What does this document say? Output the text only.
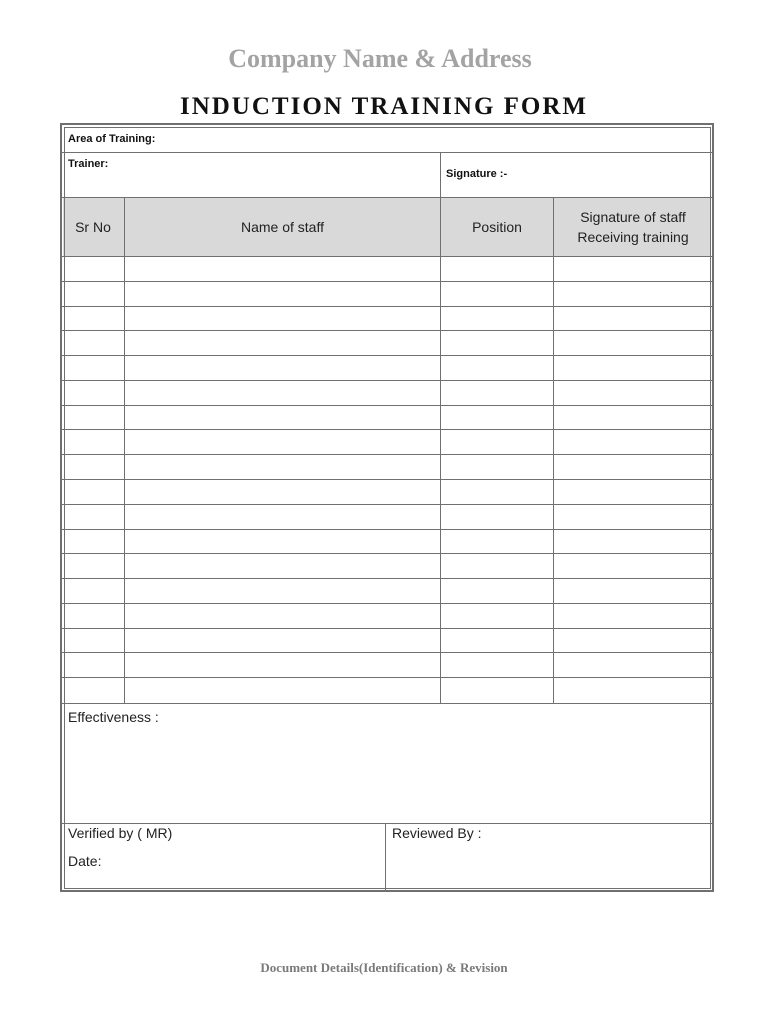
Company Name & Address
INDUCTION TRAINING FORM
Area of Training:
Trainer:
Signature :-
Sr No	Name of staff	Position
Signature of staff Receiving training
Effectiveness :
Verified by ( MR)
Date:
Reviewed By :
Document Details(Identification) & Revision
